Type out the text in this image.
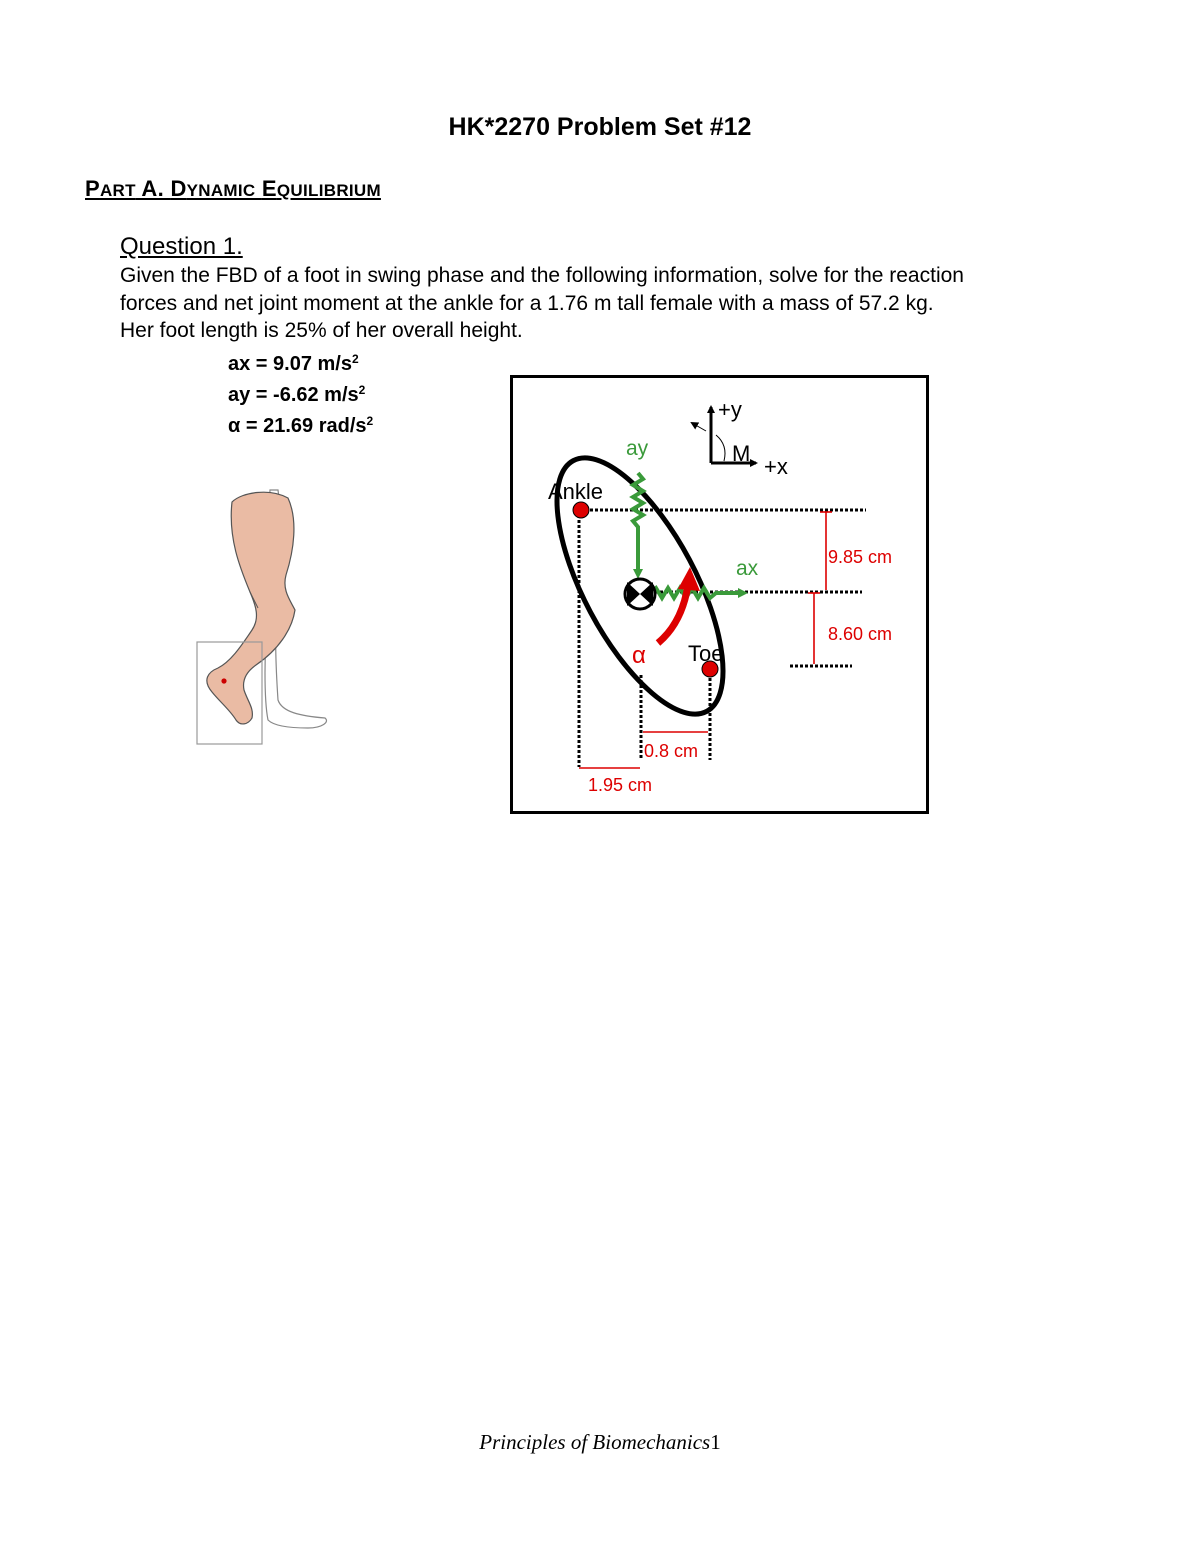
HK*2270 Problem Set #12
PART A. DYNAMIC EQUILIBRIUM
Question 1.

Given the FBD of a foot in swing phase and the following information, solve for the reaction

forces and net joint moment at the ankle for a 1.76 m tall female with a mass of 57.2 kg.

Her foot length is 25% of her overall height.

ax = 9.07 $m/s^2$
ay = -6.62 $m/s^2$
α = 21.69 rad/$s^2$	+y
+x
M
ay
ax
α
Ankle
Toe
9.85 cm
8.60 cm
0.8 cm
1.95 cm
Principles of Biomechanics1
